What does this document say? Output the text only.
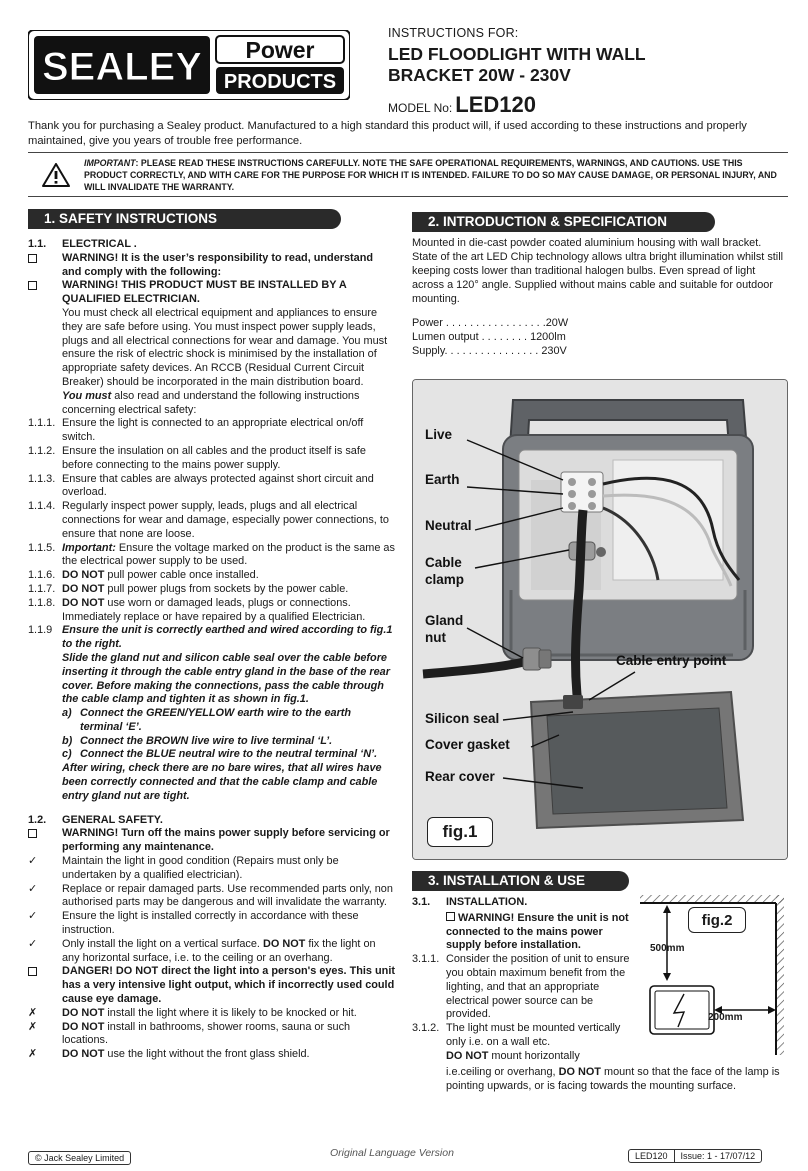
SEALEY Power
PRODUCTS
INSTRUCTIONS FOR:
LED FLOODLIGHT WITH WALL
BRACKET 20W - 230V
MODEL No: LED120
Thank you for purchasing a Sealey product. Manufactured to a high standard this product will, if used according to these instructions and properly maintained, give you years of trouble free performance.
IMPORTANT: PLEASE READ THESE INSTRUCTIONS CAREFULLY. NOTE THE SAFE OPERATIONAL REQUIREMENTS, WARNINGS, AND CAUTIONS. USE THIS PRODUCT CORRECTLY, AND WITH CARE FOR THE PURPOSE FOR WHICH IT IS INTENDED. FAILURE TO DO SO MAY CAUSE DAMAGE, OR PERSONAL INJURY, AND WILL INVALIDATE THE WARRANTY.
1. SAFETY INSTRUCTIONS
1.1.	ELECTRICAL .
WARNING! It is the user’s responsibility to read, understand and comply with the following:
WARNING! THIS PRODUCT MUST BE INSTALLED BY A QUALIFIED ELECTRICIAN.
You must check all electrical equipment and appliances to ensure they are safe before using. You must inspect power supply leads, plugs and all electrical connections for wear and damage. You must ensure the risk of electric shock is minimised by the installation of appropriate safety devices. An RCCB (Residual Current Circuit Breaker) should be incorporated in the main distribution board.
You must also read and understand the following instructions concerning electrical safety:
1.1.1. Ensure the light is connected to an appropriate electrical on/off switch.
1.1.2. Ensure the insulation on all cables and the product itself is safe before connecting to the mains power supply.
1.1.3. Ensure that cables are always protected against short circuit and overload.
1.1.4. Regularly inspect power supply, leads, plugs and all electrical connections for wear and damage, especially power connections, to ensure that none are loose.
1.1.5. Important: Ensure the voltage marked on the product is the same as the electrical power supply to be used.
1.1.6. DO NOT pull power cable once installed.
1.1.7. DO NOT pull power plugs from sockets by the power cable.
1.1.8. DO NOT use worn or damaged leads, plugs or connections. Immediately replace or have repaired by a qualified Electrician.
1.1.9 Ensure the unit is correctly earthed and wired according to fig.1 to the right.
Slide the gland nut and silicon cable seal over the cable before inserting it through the cable entry gland in the base of the rear cover. Before making the connections, pass the cable through the cable clamp and tighten it as shown in fig.1.
a) Connect the GREEN/YELLOW earth wire to the earth terminal ‘E’.
b) Connect the BROWN live wire to live terminal ‘L’.
c) Connect the BLUE neutral wire to the neutral terminal ‘N’.
After wiring, check there are no bare wires, that all wires have been correctly connected and that the cable clamp and cable entry gland nut are tight.
1.2.	GENERAL SAFETY.
WARNING! Turn off the mains power supply before servicing or performing any maintenance.
✓	Maintain the light in good condition (Repairs must only be undertaken by a qualified electrician).
✓	Replace or repair damaged parts. Use recommended parts only, non authorised parts may be dangerous and will invalidate the warranty.
✓	Ensure the light is installed correctly in accordance with these instruction.
✓	Only install the light on a vertical surface. DO NOT fix the light on any horizontal surface, i.e. to the ceiling or an overhang.
DANGER! DO NOT direct the light into a person's eyes. This unit has a very intensive light output, which if incorrectly used could cause eye damage.
✗	DO NOT install the light where it is likely to be knocked or hit.
✗	DO NOT install in bathrooms, shower rooms, sauna or such locations.
✗	DO NOT use the light without the front glass shield.
2. INTRODUCTION & SPECIFICATION
Mounted in die-cast powder coated aluminium housing with wall bracket. State of the art LED Chip technology allows ultra bright illumination whilst still keeping costs lower than traditional halogen bulbs. Even spread of light across a 120° angle. Supplied without mains cable and suitable for outdoor mounting.
Power . . . . . . . . . . . . . . . . .20W
Lumen output . . . . . . . . 1200lm
Supply. . . . . . . . . . . . . . . . 230V
Live
Earth
Neutral
Cable
clamp
Gland
nut
Cable entry point
Silicon seal
Cover gasket
Rear cover
fig.1
3. INSTALLATION & USE
3.1.	INSTALLATION.
WARNING! Ensure the unit is not connected to the mains power supply before installation.
3.1.1. Consider the position of unit to ensure you obtain maximum benefit from the lighting, and that an appropriate electrical power source can be provided.
3.1.2. The light must be mounted vertically only i.e. on a wall etc.
DO NOT mount horizontally
i.e.ceiling or overhang, DO NOT mount so that the face of the lamp is pointing upwards, or is facing towards the mounting surface.
fig.2
500mm
200mm
© Jack Sealey Limited	Original Language Version	LED120	Issue: 1 - 17/07/12
